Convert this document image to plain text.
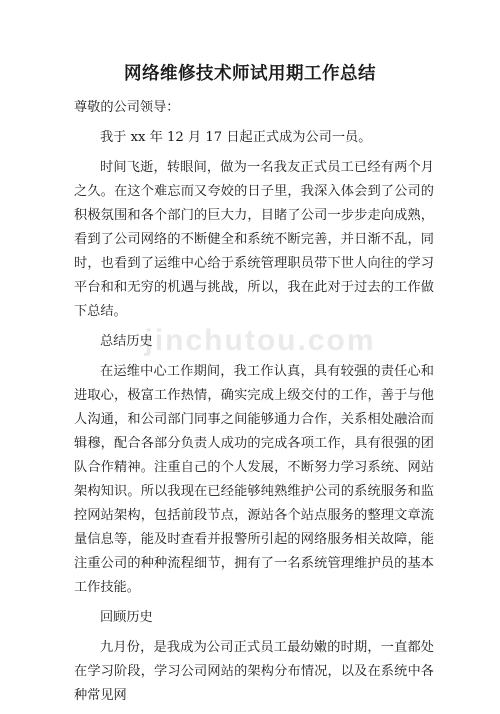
网络维修技术师试用期工作总结
jinchutou.com

尊敬的公司领导：

我于 xx 年 12 月 17 日起正式成为公司一员。

时间飞逝，转眼间，做为一名我友正式员工已经有两个月之久。在这个难忘而又夸姣的日子里，我深入体会到了公司的积极氛围和各个部门的巨大力，目睹了公司一步步走向成熟，看到了公司网络的不断健全和系统不断完善，并日渐不乱，同时，也看到了运维中心给于系统管理职员带下世人向往的学习平台和和无穷的机遇与挑战，所以，我在此对于过去的工作做下总结。

总结历史

在运维中心工作期间，我工作认真，具有较强的责任心和进取心，极富工作热情，确实完成上级交付的工作，善于与他人沟通，和公司部门同事之间能够通力合作，关系相处融洽而辑穆，配合各部分负责人成功的完成各项工作，具有很强的团队合作精神。注重自己的个人发展，不断努力学习系统、网站架构知识。所以我现在已经能够纯熟维护公司的系统服务和监控网站架构，包括前段节点，源站各个站点服务的整理文章流量信息等，能及时查看并报警所引起的网络服务相关故障，能注重公司的种种流程细节，拥有了一名系统管理维护员的基本工作技能。

回顾历史

九月份，是我成为公司正式员工最幼嫩的时期，一直都处在学习阶段，学习公司网站的架构分布情况，以及在系统中各种常见网
